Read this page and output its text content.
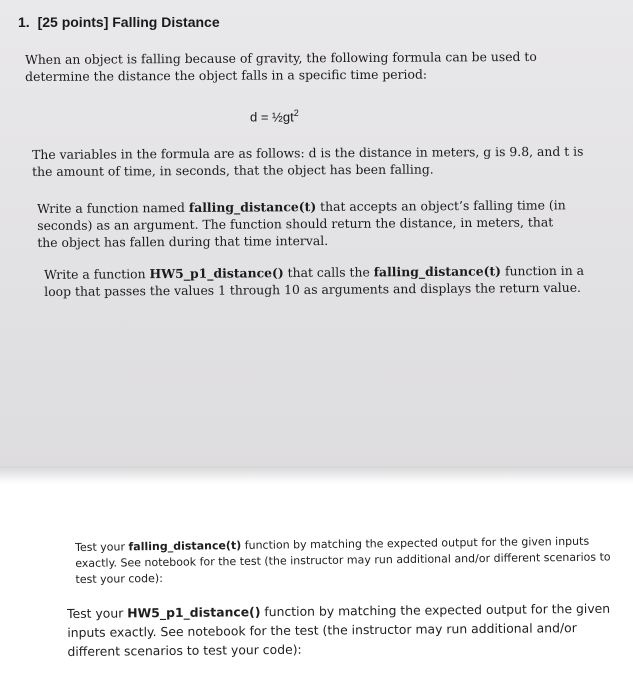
1. [25 points] Falling Distance

When an object is falling because of gravity, the following formula can be used to determine the distance the object falls in a specific time period:

$d = \frac{1}{2}gt^2$

The variables in the formula are as follows: d is the distance in meters, g is 9.8, and t is the amount of time, in seconds, that the object has been falling.

Write a function named falling_distance(t) that accepts an object’s falling time (in seconds) as an argument. The function should return the distance, in meters, that the object has fallen during that time interval.

Write a function HW5_p1_distance() that calls the falling_distance(t) function in a loop that passes the values 1 through 10 as arguments and displays the return value.

Test your falling_distance(t) function by matching the expected output for the given inputs exactly. See notebook for the test (the instructor may run additional and/or different scenarios to test your code):

Test your HW5_p1_distance() function by matching the expected output for the given inputs exactly. See notebook for the test (the instructor may run additional and/or different scenarios to test your code):
